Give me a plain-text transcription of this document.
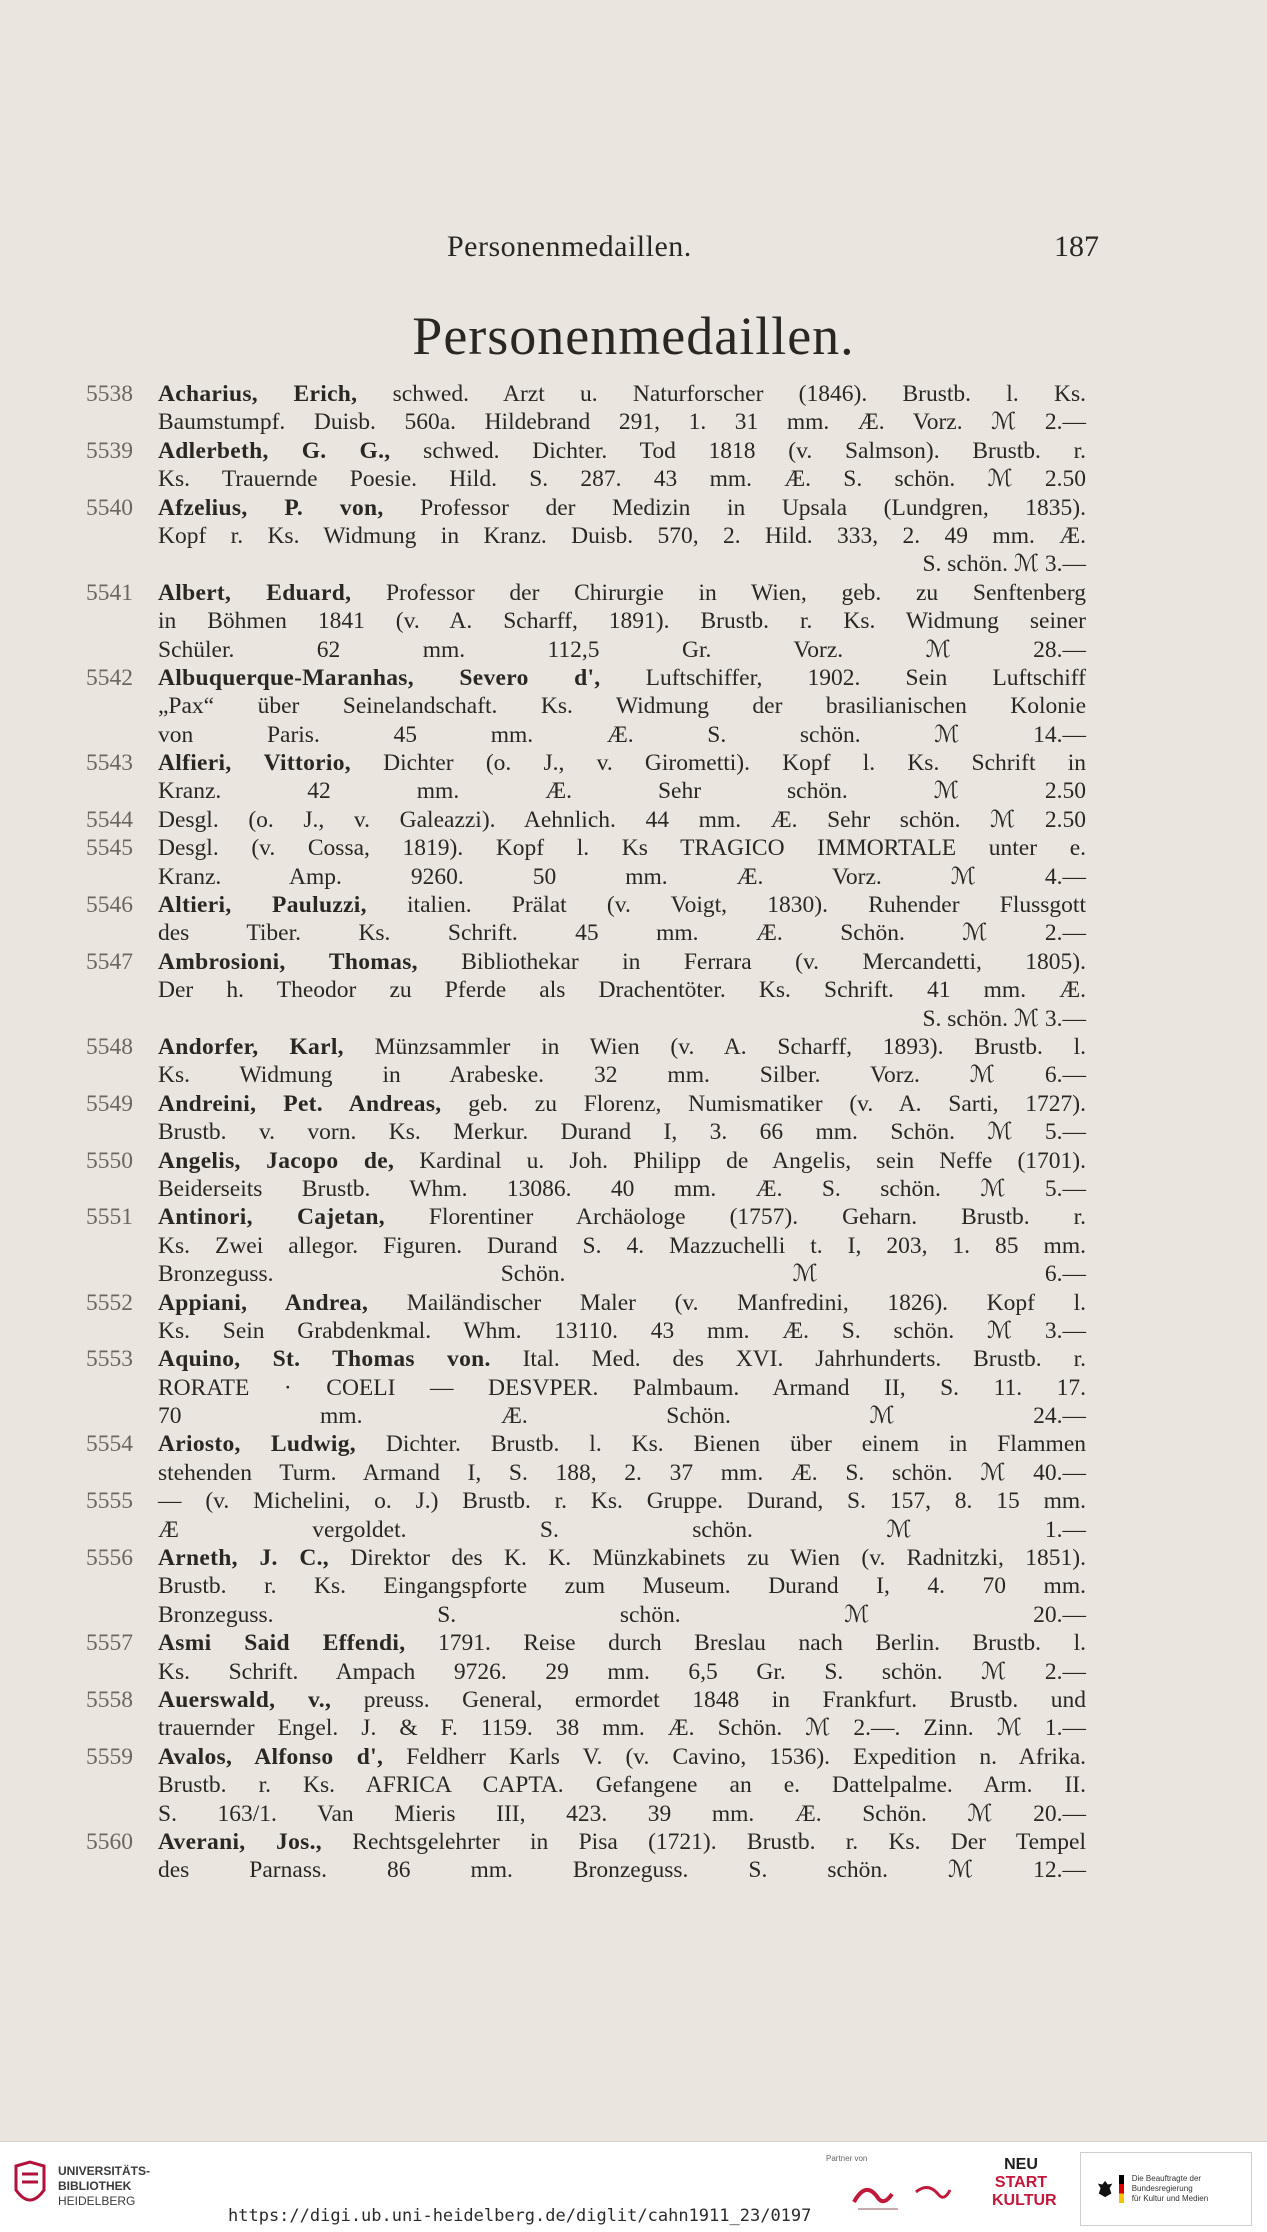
Personenmedaillen.	187
Personenmedaillen.
5538	Acharius, Erich, schwed. Arzt u. Naturforscher (1846). Brustb. l. Ks.
Baumstumpf. Duisb. 560a. Hildebrand 291, 1. 31 mm. Æ. Vorz. ℳ 2.—
5539	Adlerbeth, G. G., schwed. Dichter. Tod 1818 (v. Salmson). Brustb. r.
Ks. Trauernde Poesie. Hild. S. 287. 43 mm. Æ. S. schön. ℳ 2.50
5540	Afzelius, P. von, Professor der Medizin in Upsala (Lundgren, 1835).
Kopf r. Ks. Widmung in Kranz. Duisb. 570, 2. Hild. 333, 2. 49 mm. Æ.
S. schön. ℳ 3.—
5541	Albert, Eduard, Professor der Chirurgie in Wien, geb. zu Senftenberg
in Böhmen 1841 (v. A. Scharff, 1891). Brustb. r. Ks. Widmung seiner
Schüler. 62 mm. 112,5 Gr. Vorz. ℳ 28.—
5542	Albuquerque-Maranhas, Severo d', Luftschiffer, 1902. Sein Luftschiff
„Pax“ über Seinelandschaft. Ks. Widmung der brasilianischen Kolonie
von Paris. 45 mm. Æ. S. schön. ℳ 14.—
5543	Alfieri, Vittorio, Dichter (o. J., v. Girometti). Kopf l. Ks. Schrift in
Kranz. 42 mm. Æ. Sehr schön. ℳ 2.50
5544	Desgl. (o. J., v. Galeazzi). Aehnlich. 44 mm. Æ. Sehr schön. ℳ 2.50
5545	Desgl. (v. Cossa, 1819). Kopf l. Ks TRAGICO IMMORTALE unter e.
Kranz. Amp. 9260. 50 mm. Æ. Vorz. ℳ 4.—
5546	Altieri, Pauluzzi, italien. Prälat (v. Voigt, 1830). Ruhender Flussgott
des Tiber. Ks. Schrift. 45 mm. Æ. Schön. ℳ 2.—
5547	Ambrosioni, Thomas, Bibliothekar in Ferrara (v. Mercandetti, 1805).
Der h. Theodor zu Pferde als Drachentöter. Ks. Schrift. 41 mm. Æ.
S. schön. ℳ 3.—
5548	Andorfer, Karl, Münzsammler in Wien (v. A. Scharff, 1893). Brustb. l.
Ks. Widmung in Arabeske. 32 mm. Silber. Vorz. ℳ 6.—
5549	Andreini, Pet. Andreas, geb. zu Florenz, Numismatiker (v. A. Sarti, 1727).
Brustb. v. vorn. Ks. Merkur. Durand I, 3. 66 mm. Schön. ℳ 5.—
5550	Angelis, Jacopo de, Kardinal u. Joh. Philipp de Angelis, sein Neffe (1701).
Beiderseits Brustb. Whm. 13086. 40 mm. Æ. S. schön. ℳ 5.—
5551	Antinori, Cajetan, Florentiner Archäologe (1757). Geharn. Brustb. r.
Ks. Zwei allegor. Figuren. Durand S. 4. Mazzuchelli t. I, 203, 1. 85 mm.
Bronzeguss. Schön. ℳ 6.—
5552	Appiani, Andrea, Mailändischer Maler (v. Manfredini, 1826). Kopf l.
Ks. Sein Grabdenkmal. Whm. 13110. 43 mm. Æ. S. schön. ℳ 3.—
5553	Aquino, St. Thomas von. Ital. Med. des XVI. Jahrhunderts. Brustb. r.
RORATE · COELI — DESVPER. Palmbaum. Armand II, S. 11. 17.
70 mm. Æ. Schön. ℳ 24.—
5554	Ariosto, Ludwig, Dichter. Brustb. l. Ks. Bienen über einem in Flammen
stehenden Turm. Armand I, S. 188, 2. 37 mm. Æ. S. schön. ℳ 40.—
5555	— (v. Michelini, o. J.) Brustb. r. Ks. Gruppe. Durand, S. 157, 8. 15 mm.
Æ vergoldet. S. schön. ℳ 1.—
5556	Arneth, J. C., Direktor des K. K. Münzkabinets zu Wien (v. Radnitzki, 1851).
Brustb. r. Ks. Eingangspforte zum Museum. Durand I, 4. 70 mm.
Bronzeguss. S. schön. ℳ 20.—
5557	Asmi Said Effendi, 1791. Reise durch Breslau nach Berlin. Brustb. l.
Ks. Schrift. Ampach 9726. 29 mm. 6,5 Gr. S. schön. ℳ 2.—
5558	Auerswald, v., preuss. General, ermordet 1848 in Frankfurt. Brustb. und
trauernder Engel. J. & F. 1159. 38 mm. Æ. Schön. ℳ 2.—. Zinn. ℳ 1.—
5559	Avalos, Alfonso d', Feldherr Karls V. (v. Cavino, 1536). Expedition n. Afrika.
Brustb. r. Ks. AFRICA CAPTA. Gefangene an e. Dattelpalme. Arm. II.
S. 163/1. Van Mieris III, 423. 39 mm. Æ. Schön. ℳ 20.—
5560	Averani, Jos., Rechtsgelehrter in Pisa (1721). Brustb. r. Ks. Der Tempel
des Parnass. 86 mm. Bronzeguss. S. schön. ℳ 12.—
UNIVERSITÄTS-
BIBLIOTHEK
HEIDELBERG
https://digi.ub.uni-heidelberg.de/diglit/cahn1911_23/0197
Partner von	NEU
START
KULTUR
Die Beauftragte der Bundesregierung
für Kultur und Medien
